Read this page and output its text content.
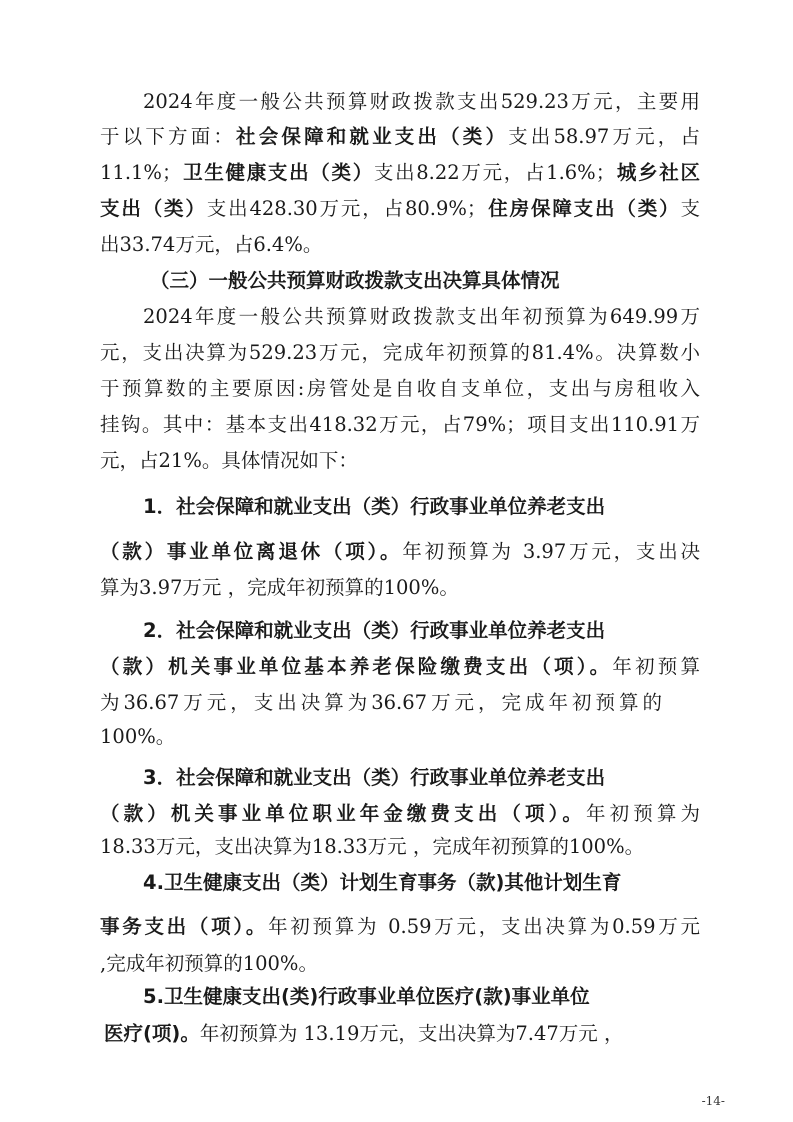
2024年度一般公共预算财政拨款支出529.23万元，主要用
于以下方面：社会保障和就业支出（类）支出58.97万元，占
11.1%；卫生健康支出（类）支出8.22万元，占1.6%；城乡社区
支出（类）支出428.30万元，占80.9%；住房保障支出（类）支
出33.74万元，占6.4%。
（三）一般公共预算财政拨款支出决算具体情况
2024年度一般公共预算财政拨款支出年初预算为649.99万
元，支出决算为529.23万元，完成年初预算的81.4%。决算数小
于预算数的主要原因:房管处是自收自支单位，支出与房租收入
挂钩。其中：基本支出418.32万元，占79%；项目支出110.91万
元，占21%。具体情况如下：
1．社会保障和就业支出（类）行政事业单位养老支出
（款）事业单位离退休（项）。年初预算为 3.97万元，支出决
算为3.97万元 ，完成年初预算的100%。
2．社会保障和就业支出（类）行政事业单位养老支出
（款）机关事业单位基本养老保险缴费支出（项）。年初预算
为36.67万元，支出决算为36.67万元，完成年初预算的
100%。
3．社会保障和就业支出（类）行政事业单位养老支出
（款）机关事业单位职业年金缴费支出（项）。年初预算为
18.33万元，支出决算为18.33万元 ，完成年初预算的100%。
4.卫生健康支出（类）计划生育事务（款)其他计划生育
事务支出（项）。年初预算为 0.59万元，支出决算为0.59万元
,完成年初预算的100%。
5.卫生健康支出(类)行政事业单位医疗(款)事业单位
医疗(项)。年初预算为 13.19万元，支出决算为7.47万元 ，
-14-
